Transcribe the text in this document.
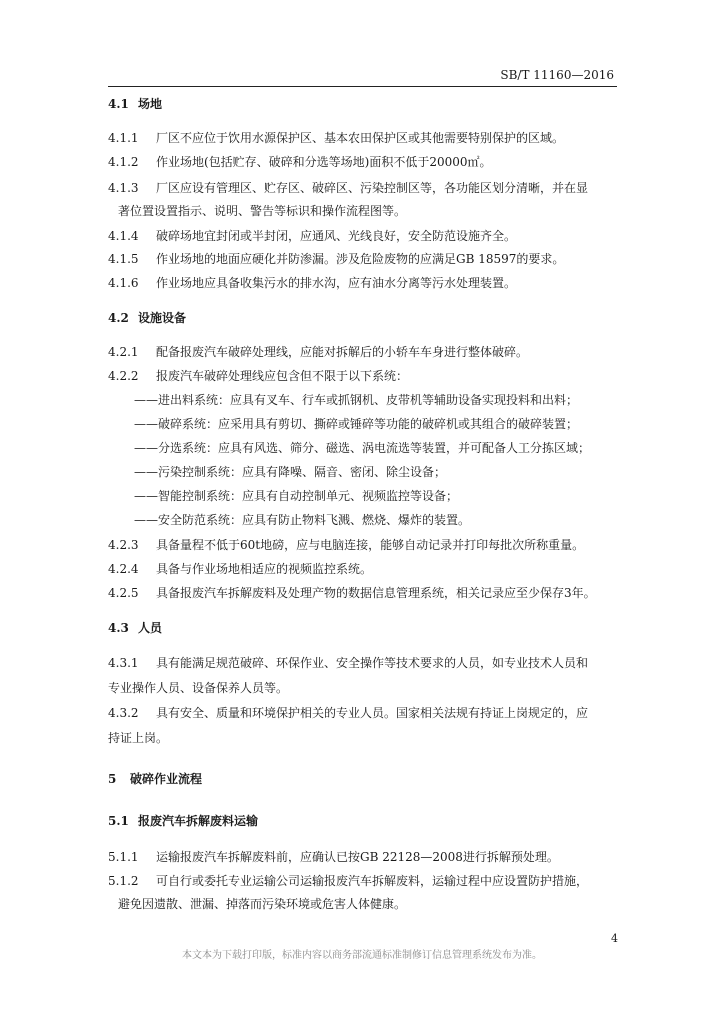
SB/T 11160—2016
4.1 场地
4.1.1 厂区不应位于饮用水源保护区、基本农田保护区或其他需要特别保护的区域。
4.1.2 作业场地(包括贮存、破碎和分选等场地)面积不低于20000㎡。
4.1.3 厂区应设有管理区、贮存区、破碎区、污染控制区等，各功能区划分清晰，并在显
著位置设置指示、说明、警告等标识和操作流程图等。
4.1.4 破碎场地宜封闭或半封闭，应通风、光线良好，安全防范设施齐全。
4.1.5 作业场地的地面应硬化并防渗漏。涉及危险废物的应满足GB 18597的要求。
4.1.6 作业场地应具备收集污水的排水沟，应有油水分离等污水处理装置。
4.2 设施设备
4.2.1 配备报废汽车破碎处理线，应能对拆解后的小轿车车身进行整体破碎。
4.2.2 报废汽车破碎处理线应包含但不限于以下系统：
——进出料系统：应具有叉车、行车或抓钢机、皮带机等辅助设备实现投料和出料；
——破碎系统：应采用具有剪切、撕碎或锤碎等功能的破碎机或其组合的破碎装置；
——分选系统：应具有风选、筛分、磁选、涡电流选等装置，并可配备人工分拣区域；
——污染控制系统：应具有降噪、隔音、密闭、除尘设备；
——智能控制系统：应具有自动控制单元、视频监控等设备；
——安全防范系统：应具有防止物料飞溅、燃烧、爆炸的装置。
4.2.3 具备量程不低于60t地磅，应与电脑连接，能够自动记录并打印每批次所称重量。
4.2.4 具备与作业场地相适应的视频监控系统。
4.2.5 具备报废汽车拆解废料及处理产物的数据信息管理系统，相关记录应至少保存3年。
4.3 人员
4.3.1 具有能满足规范破碎、环保作业、安全操作等技术要求的人员，如专业技术人员和
专业操作人员、设备保养人员等。
4.3.2 具有安全、质量和环境保护相关的专业人员。国家相关法规有持证上岗规定的，应
持证上岗。
5 破碎作业流程
5.1 报废汽车拆解废料运输
5.1.1 运输报废汽车拆解废料前，应确认已按GB 22128—2008进行拆解预处理。
5.1.2 可自行或委托专业运输公司运输报废汽车拆解废料，运输过程中应设置防护措施，
避免因遗散、泄漏、掉落而污染环境或危害人体健康。
4
本文本为下载打印版，标准内容以商务部流通标准制修订信息管理系统发布为准。
